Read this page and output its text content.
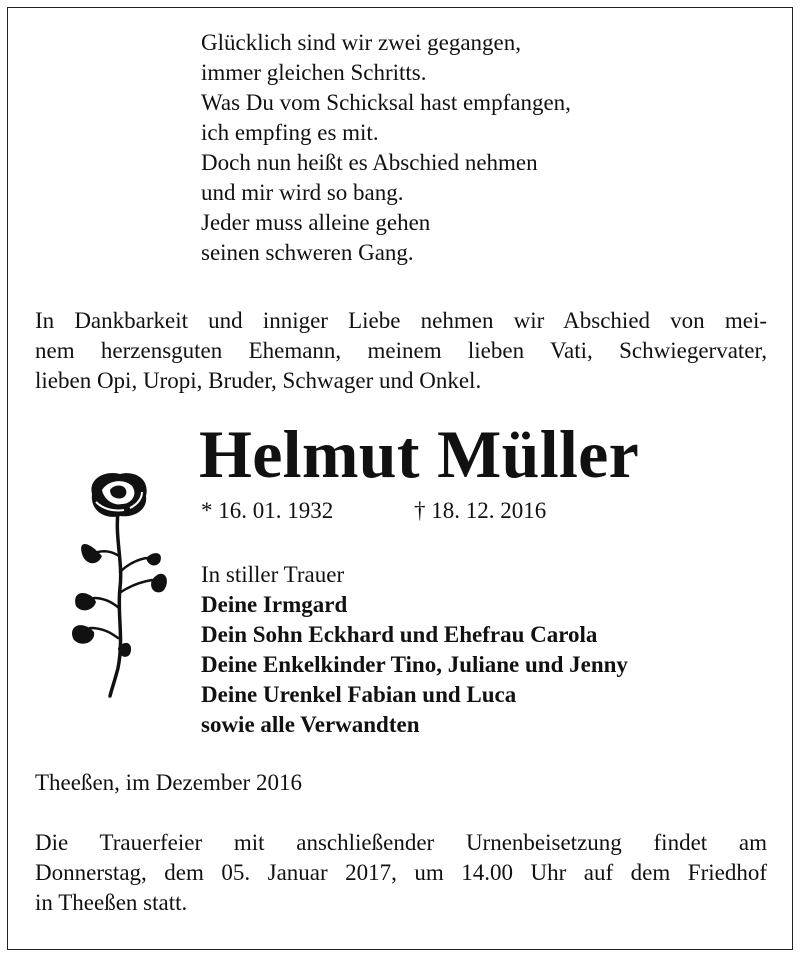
Glücklich sind wir zwei gegangen,
immer gleichen Schritts.
Was Du vom Schicksal hast empfangen,
ich empfing es mit.
Doch nun heißt es Abschied nehmen
und mir wird so bang.
Jeder muss alleine gehen
seinen schweren Gang.
In Dankbarkeit und inniger Liebe nehmen wir Abschied von mei-
nem herzensguten Ehemann, meinem lieben Vati, Schwiegervater,
lieben Opi, Uropi, Bruder, Schwager und Onkel.
Helmut Müller
* 16. 01. 1932	† 18. 12. 2016
In stiller Trauer
Deine Irmgard
Dein Sohn Eckhard und Ehefrau Carola
Deine Enkelkinder Tino, Juliane und Jenny
Deine Urenkel Fabian und Luca
sowie alle Verwandten
Theeßen, im Dezember 2016
Die Trauerfeier mit anschließender Urnenbeisetzung findet am
Donnerstag, dem 05. Januar 2017, um 14.00 Uhr auf dem Friedhof
in Theeßen statt.
